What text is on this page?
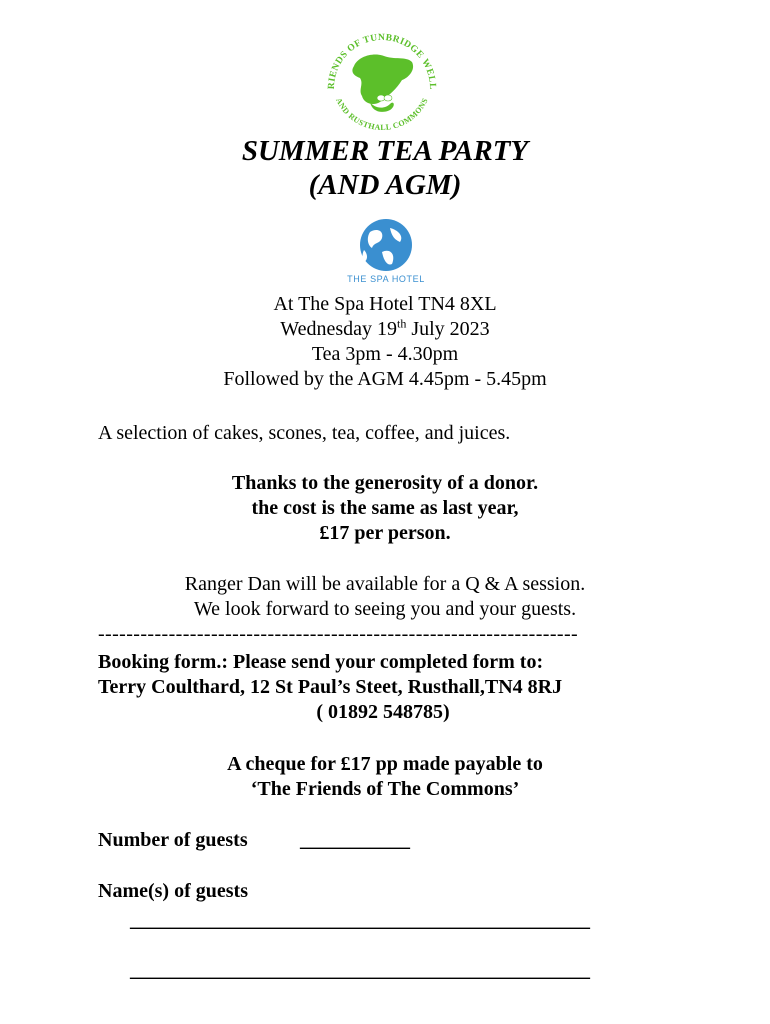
RIENDS OF TUNBRIDGE WELL
AND RUSTHALL COMMONS
SUMMER TEA PARTY
(AND AGM)
THE SPA HOTEL
At The Spa Hotel TN4 8XL
Wednesday 19th July 2023
Tea 3pm - 4.30pm
Followed by the AGM 4.45pm - 5.45pm
A selection of cakes, scones, tea, coffee, and juices.
Thanks to the generosity of a donor.
the cost is the same as last year,
£17 per person.
Ranger Dan will be available for a Q & A session.
We look forward to seeing you and your guests.
--------------------------------------------------------------------
Booking form.: Please send your completed form to:
Terry Coulthard, 12 St Paul’s Steet, Rusthall,TN4 8RJ
( 01892 548785)
A cheque for £17 pp made payable to
‘The Friends of The Commons’
Number of guests	___________
Name(s) of guests
______________________________________________
______________________________________________
